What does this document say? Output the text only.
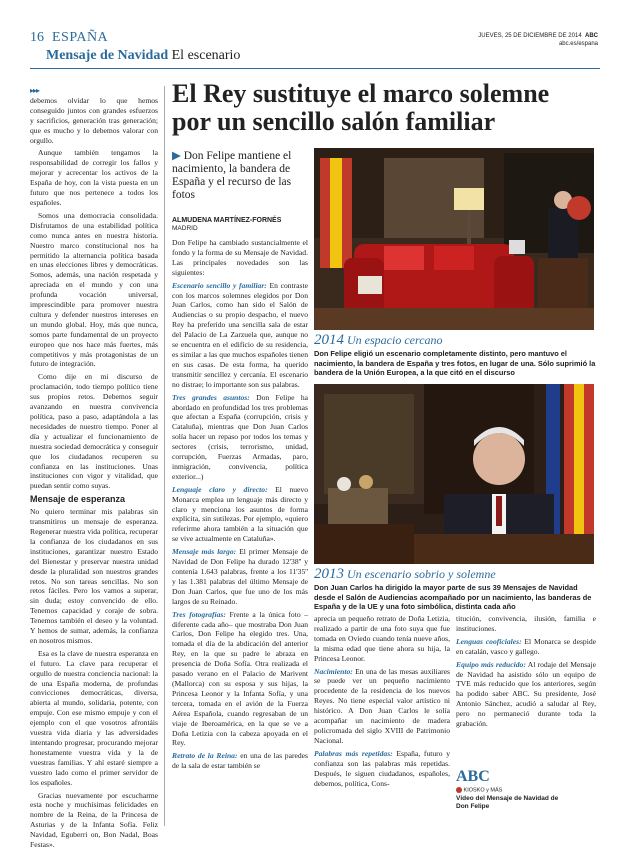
16 ESPAÑA
Mensaje de Navidad El escenario
JUEVES, 25 DE DICIEMBRE DE 2014 ABC
abc.es/espana
▸▸▸

debemos olvidar lo que hemos conseguido juntos con grandes esfuerzos y sacrificios, generación tras generación; que es mucho y lo debemos valorar con orgullo.

Aunque también tengamos la responsabilidad de corregir los fallos y mejorar y acrecentar los activos de la España de hoy, con la vista puesta en un futuro que nos pertenece a todos los españoles.

Somos una democracia consolidada. Disfrutamos de una estabilidad política como nunca antes en nuestra historia. Nuestro marco constitucional nos ha permitido la alternancia política basada en unas elecciones libres y democráticas. Somos, además, una nación respetada y apreciada en el mundo y con una profunda vocación universal, imprescindible para promover nuestra cultura y defender nuestros intereses en un mundo global. Hoy, más que nunca, somos parte fundamental de un proyecto europeo que nos hace más fuertes, más competitivos y más protagonistas de un futuro de integración.

Como dije en mi discurso de proclamación, todo tiempo político tiene sus propios retos. Debemos seguir avanzando en nuestra convivencia política, paso a paso, adaptándola a las necesidades de nuestro tiempo. Poner al día y actualizar el funcionamiento de nuestra sociedad democrática y conseguir que los ciudadanos recuperen su confianza en las instituciones. Unas instituciones con vigor y vitalidad, que puedan sentir como suyas.

Mensaje de esperanza

No quiero terminar mis palabras sin transmitiros un mensaje de esperanza. Regenerar nuestra vida política, recuperar la confianza de los ciudadanos en sus instituciones, garantizar nuestro Estado del Bienestar y preservar nuestra unidad desde la pluralidad son nuestros grandes retos. No son tareas sencillas. No son retos fáciles. Pero los vamos a superar, sin duda; estoy convencido de ello. Tenemos capacidad y coraje de sobra. Tenemos también el deseo y la voluntad. Y hemos de sumar, además, la confianza en nosotros mismos.

Esa es la clave de nuestra esperanza en el futuro. La clave para recuperar el orgullo de nuestra conciencia nacional: la de una España moderna, de profundas convicciones democráticas, diversa, abierta al mundo, solidaria, potente, con empuje. Con ese mismo empuje y con el ejemplo con el que vosotros afrontáis vuestra vida diaria y las adversidades intentando progresar, procurando mejorar honestamente vuestra vida y la de vuestras familias. Y ahí estaré siempre a vuestro lado como el primer servidor de los españoles.

Gracias nuevamente por escucharme esta noche y muchísimas felicidades en nombre de la Reina, de la Princesa de Asturias y de la Infanta Sofía. Feliz Navidad, Eguberri on, Bon Nadal, Boas Festas».

El Rey sustituye el marco solemne por un sencillo salón familiar
▶ Don Felipe mantiene el nacimiento, la bandera de España y el recurso de las fotos
ALMUDENA MARTÍNEZ-FORNÉS
MADRID

Don Felipe ha cambiado sustancialmente el fondo y la forma de su Mensaje de Navidad. Las principales novedades son las siguientes:

Escenario sencillo y familiar: En contraste con los marcos solemnes elegidos por Don Juan Carlos, como han sido el Salón de Audiencias o su propio despacho, el nuevo Rey ha preferido una sencilla sala de estar del Palacio de La Zarzuela que, aunque no se encuentra en el edificio de su residencia, es similar a las que muchos españoles tienen en sus casas. De esta forma, ha querido transmitir sencillez y cercanía. El escenario no distrae; lo importante son sus palabras.

Tres grandes asuntos: Don Felipe ha abordado en profundidad los tres problemas que afectan a España (corrupción, crisis y Cataluña), mientras que Don Juan Carlos solía hacer un repaso por todos los temas y sectores (crisis, terrorismo, unidad, corrupción, Fuerzas Armadas, paro, inmigración, convivencia, política exterior...)

Lenguaje claro y directo: El nuevo Monarca emplea un lenguaje más directo y claro y menciona los asuntos de forma explícita, sin sutilezas. Por ejemplo, «quiero referirme ahora también a la situación que se vive actualmente en Cataluña».

Mensaje más largo: El primer Mensaje de Navidad de Don Felipe ha durado 12'38'' y contenía 1.643 palabras, frente a los 11'35'' y las 1.381 palabras del último Mensaje de Don Juan Carlos, que fue uno de los más largos de su Reinado.

Tres fotografías: Frente a la única foto –diferente cada año– que mostraba Don Juan Carlos, Don Felipe ha elegido tres. Una, tomada el día de la abdicación del anterior Rey, en la que su padre le abraza en presencia de Doña Sofía. Otra realizada el pasado verano en el Palacio de Marivent (Mallorca) con su esposa y sus hijas, la Princesa Leonor y la Infanta Sofía, y una tercera, tomada en el avión de la Fuerza Aérea Española, cuando regresaban de un viaje de Iberoamérica, en la que se ve a Doña Letizia con la cabeza apoyada en el Rey.

Retrato de la Reina: en una de las paredes de la sala de estar también se

2014 Un espacio cercano
Don Felipe eligió un escenario completamente distinto, pero mantuvo el nacimiento, la bandera de España y tres fotos, en lugar de una. Sólo suprimió la bandera de la Unión Europea, a la que citó en el discurso
2013 Un escenario sobrio y solemne
Don Juan Carlos ha dirigido la mayor parte de sus 39 Mensajes de Navidad desde el Salón de Audiencias acompañado por un nacimiento, las banderas de España y de la UE y una foto simbólica, distinta cada año

aprecia un pequeño retrato de Doña Letizia, realizado a partir de una foto suya que fue tomada en Oviedo cuando tenía nueve años, la misma edad que tiene ahora su hija, la Princesa Leonor.

Nacimiento: En una de las mesas auxiliares se puede ver un pequeño nacimiento procedente de la residencia de los nuevos Reyes. No tiene especial valor artístico ni histórico. A Don Juan Carlos le solía acompañar un nacimiento de madera policromada del siglo XVIII de Patrimonio Nacional.

Palabras más repetidas: España, futuro y confianza son las palabras más repetidas. Después, le siguen ciudadanos, españoles, debemos, política, Cons-

titución, convivencia, ilusión, familia e instituciones.

Lenguas cooficiales: El Monarca se despide en catalán, vasco y gallego.

Equipo más reducido: Al rodaje del Mensaje de Navidad ha asistido sólo un equipo de TVE más reducido que los anteriores, según ha podido saber ABC. Su presidente, José Antonio Sánchez, acudió a saludar al Rey, pero no permaneció durante toda la grabación.

ABC
KIOSKO y MÁS
Vídeo del Mensaje de Navidad de Don Felipe
